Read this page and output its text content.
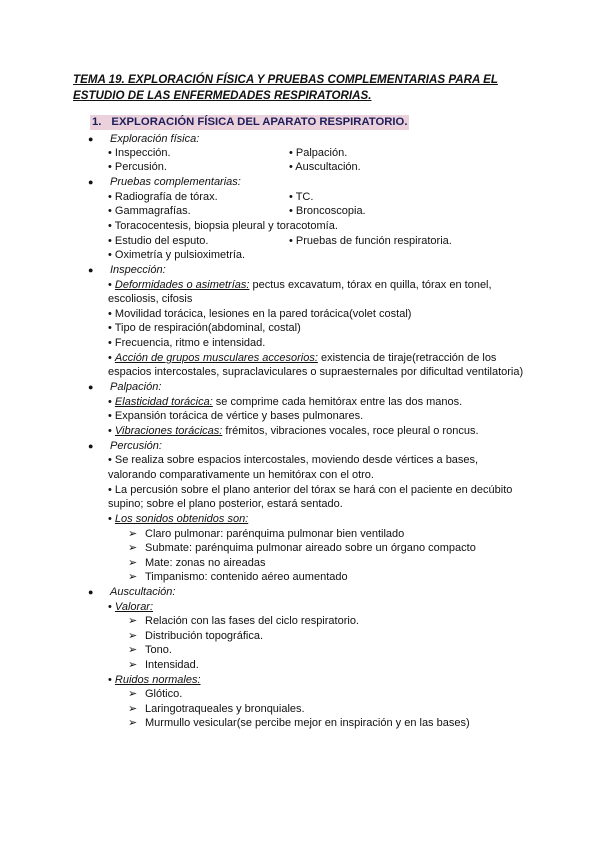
TEMA 19. EXPLORACIÓN FÍSICA Y PRUEBAS COMPLEMENTARIAS PARA EL
ESTUDIO DE LAS ENFERMEDADES RESPIRATORIAS.
1. EXPLORACIÓN FÍSICA DEL APARATO RESPIRATORIO.
● Exploración física:
• Inspección.	• Palpación.
• Percusión.	• Auscultación.
● Pruebas complementarias:
• Radiografía de tórax.	• TC.
• Gammagrafías.	• Broncoscopia.
• Toracocentesis, biopsia pleural y toracotomía.
• Estudio del esputo.	• Pruebas de función respiratoria.
• Oximetría y pulsioximetría.
● Inspección:
• Deformidades o asimetrías: pectus excavatum, tórax en quilla, tórax en tonel,
escoliosis, cifosis
• Movilidad torácica, lesiones en la pared torácica(volet costal)
• Tipo de respiración(abdominal, costal)
• Frecuencia, ritmo e intensidad.
• Acción de grupos musculares accesorios: existencia de tiraje(retracción de los
espacios intercostales, supraclaviculares o supraesternales por dificultad ventilatoria)
● Palpación:
• Elasticidad torácica: se comprime cada hemitórax entre las dos manos.
• Expansión torácica de vértice y bases pulmonares.
• Vibraciones torácicas: frémitos, vibraciones vocales, roce pleural o roncus.
● Percusión:
• Se realiza sobre espacios intercostales, moviendo desde vértices a bases,
valorando comparativamente un hemitórax con el otro.
• La percusión sobre el plano anterior del tórax se hará con el paciente en decúbito
supino; sobre el plano posterior, estará sentado.
• Los sonidos obtenidos son:
➢ Claro pulmonar: parénquima pulmonar bien ventilado
➢ Submate: parénquima pulmonar aireado sobre un órgano compacto
➢ Mate: zonas no aireadas
➢ Timpanismo: contenido aéreo aumentado
● Auscultación:
• Valorar:
➢ Relación con las fases del ciclo respiratorio.
➢ Distribución topográfica.
➢ Tono.
➢ Intensidad.
• Ruidos normales:
➢ Glótico.
➢ Laringotraqueales y bronquiales.
➢ Murmullo vesicular(se percibe mejor en inspiración y en las bases)
